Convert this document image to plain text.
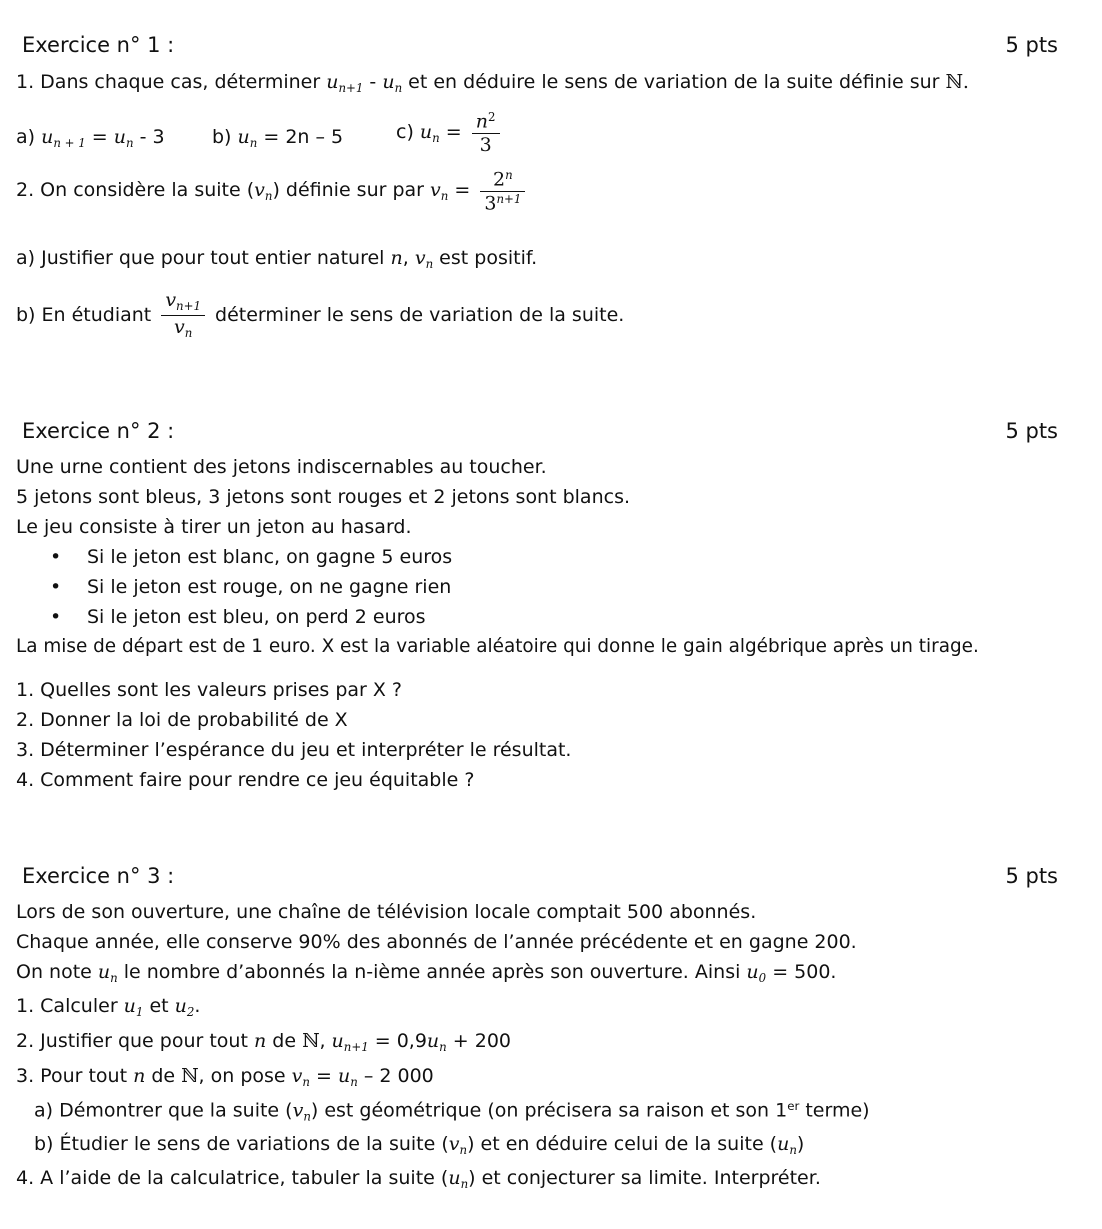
Exercice n° 1 :	5 pts
1. Dans chaque cas, déterminer $u_{n+1} - u_n$ et en déduire le sens de variation de la suite définie sur ℕ.
a) $u_{n + 1} = u_n - 3$ b) $u_n = 2n - 5$	c) $u_n = \frac{n^2}{3}$
2. On considère la suite $(v_n)$ définie sur par $v_n = \frac{2^n}{3^{n+1}}$
a) Justifier que pour tout entier naturel n, $v_n$ est positif.
b) En étudiant $\frac{v_{n+1}}{v_n}$ déterminer le sens de variation de la suite.
Exercice n° 2 :	5 pts
Une urne contient des jetons indiscernables au toucher.
5 jetons sont bleus, 3 jetons sont rouges et 2 jetons sont blancs.
Le jeu consiste à tirer un jeton au hasard.
• Si le jeton est blanc, on gagne 5 euros
• Si le jeton est rouge, on ne gagne rien
• Si le jeton est bleu, on perd 2 euros
La mise de départ est de 1 euro. X est la variable aléatoire qui donne le gain algébrique après un tirage.
1. Quelles sont les valeurs prises par X ?
2. Donner la loi de probabilité de X
3. Déterminer l’espérance du jeu et interpréter le résultat.
4. Comment faire pour rendre ce jeu équitable ?
Exercice n° 3 :	5 pts
Lors de son ouverture, une chaîne de télévision locale comptait 500 abonnés.
Chaque année, elle conserve 90% des abonnés de l’année précédente et en gagne 200.
On note $u_n$ le nombre d’abonnés la n-ième année après son ouverture. Ainsi $u_0 = 500$.
1. Calculer $u_1$ et $u_2$.
2. Justifier que pour tout n de ℕ, $u_{n+1} = 0,9u_n + 200$
3. Pour tout n de ℕ, on pose $v_n = u_n - 2$ 000
a) Démontrer que la suite $(v_n)$ est géométrique (on précisera sa raison et son 1er terme)
b) Étudier le sens de variations de la suite $(v_n)$ et en déduire celui de la suite $(u_n)$
4. A l’aide de la calculatrice, tabuler la suite $(u_n)$ et conjecturer sa limite. Interpréter.
